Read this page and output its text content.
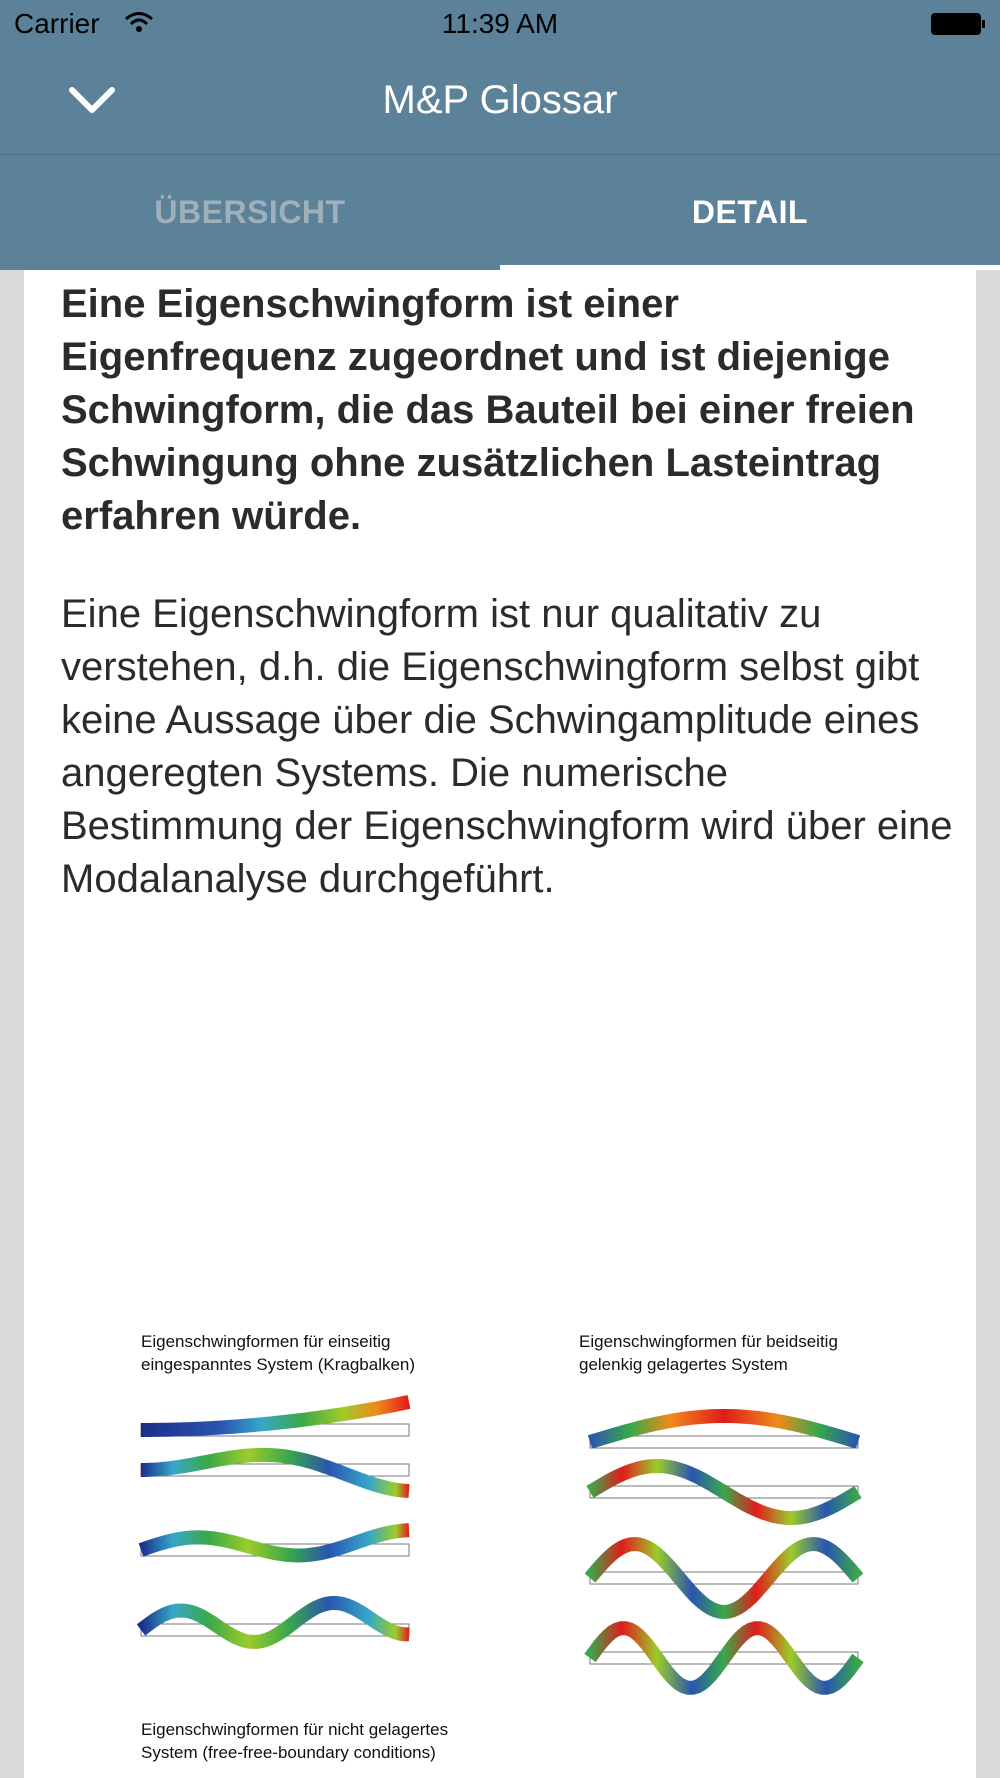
Carrier	11:39 AM
M&P Glossar
ÜBERSICHT	DETAIL

Eine Eigenschwingform ist einer Eigenfrequenz zugeordnet und ist diejenige Schwingform, die das Bauteil bei einer freien Schwingung ohne zusätzlichen Lasteintrag erfahren würde.

Eine Eigenschwingform ist nur qualitativ zu verstehen, d.h. die Eigenschwingform selbst gibt keine Aussage über die Schwingamplitude eines angeregten Systems. Die numerische Bestimmung der Eigenschwingform wird über eine Modalanalyse durchgeführt.

Eigenschwingformen für einseitig
eingespanntes System (Kragbalken)
Eigenschwingformen für beidseitig
gelenkig gelagertes System
Eigenschwingformen für nicht gelagertes
System (free-free-boundary conditions)
